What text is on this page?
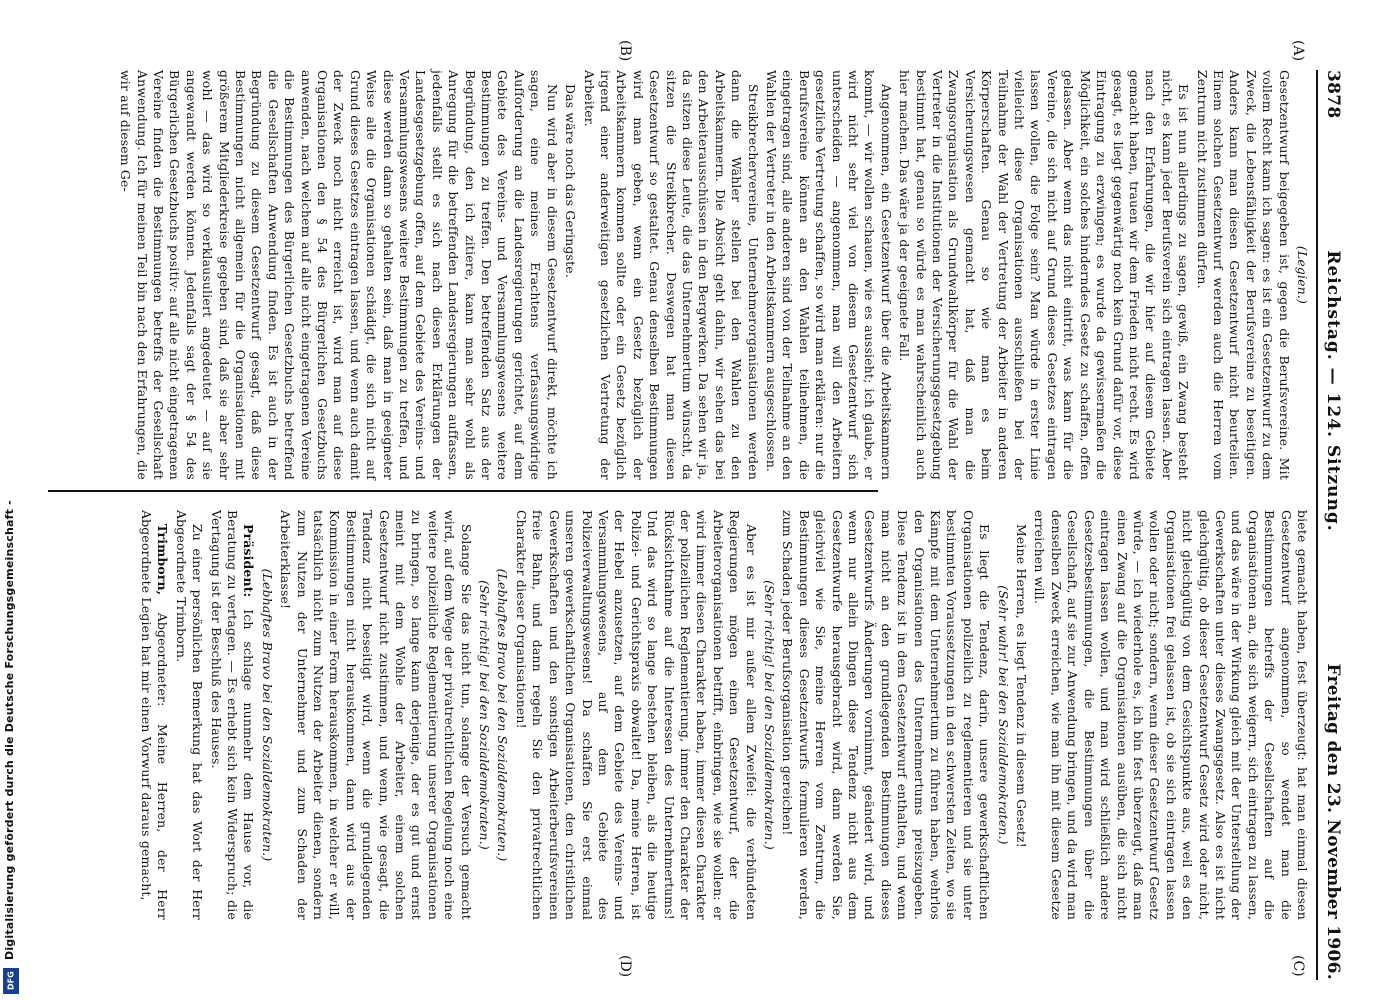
Digitalisierung gefördert durch die Deutsche Forschungsgemeinschaft -
DFG
3878
Reichstag. — 124. Sitzung.
Freitag den 23. November 1906.
(A)
(B)
(C)
(D)

(Legien.)

Gesetzentwurf beigegeben ist, gegen die Berufsvereine. Mit vollem Recht kann ich sagen: es ist ein Gesetzentwurf zu dem Zweck, die Lebensfähigkeit der Berufsvereine zu beseitigen. Anders kann man diesen Gesetzentwurf nicht beurteilen. Einem solchen Gesetzentwurf werden auch die Herren vom Zentrum nicht zustimmen dürfen.

Es ist nun allerdings zu sagen, gewiß, ein Zwang besteht nicht, es kann jeder Berufsverein sich eintragen lassen. Aber nach den Erfahrungen, die wir hier auf diesem Gebiete gemacht haben, trauen wir dem Frieden nicht recht. Es wird gesagt, es liegt gegenwärtig noch kein Grund dafür vor, diese Eintragung zu erzwingen; es wurde da gewissermaßen die Möglichkeit, ein solches hinderndes Gesetz zu schaffen, offen gelassen. Aber wenn das nicht eintritt, was kann für die Vereine, die sich nicht auf Grund dieses Gesetzes eintragen lassen wollen, die Folge sein? Man würde in erster Linie vielleicht diese Organisationen ausschließen bei der Teilnahme der Wahl der Vertretung der Arbeiter in anderen Körperschaften. Genau so wie man es beim Versicherungswesen gemacht hat, daß man die Zwangsorganisation als Grundwahlkörper für die Wahl der Vertreter in die Institutionen der Versicherungsgesetzgebung bestimmt hat, genau so würde es man wahrscheinlich auch hier machen. Das wäre ja der geeignete Fall.

Angenommen, ein Gesetzentwurf über die Arbeitskammern kommt, — wir wollen schauen, wie es aussieht; ich glaube, er wird nicht sehr viel von diesem Gesetzentwurf sich unterscheiden — angenommen, man will den Arbeitern gesetzliche Vertretung schaffen, so wird man erklären: nur die Berufsvereine können an den Wahlen teilnehmen, die eingetragen sind, alle anderen sind von der Teilnahme an den Wahlen der Vertreter in den Arbeitskammern ausgeschlossen.

Streikbrechervereine, Unternehmerorganisationen werden dann die Wähler stellen bei den Wahlen zu den Arbeitskammern. Die Absicht geht dahin, wir sehen das bei den Arbeiterausschüssen in den Bergwerken. Da sehen wir ja, da sitzen diese Leute, die das Unternehmertum wünscht, da sitzen die Streikbrecher. Deswegen hat man diesen Gesetzentwurf so gestaltet. Genau denselben Bestimmungen wird man geben, wenn ein Gesetz bezüglich der Arbeitskammern kommen sollte oder ein Gesetz bezüglich irgend einer anderweitigen gesetzlichen Vertretung der Arbeiter.

Das wäre noch das Geringste.

Nun wird aber in diesem Gesetzentwurf direkt, möchte ich sagen, eine meines Erachtens verfassungswidrige Aufforderung an die Landesregierungen gerichtet, auf dem Gebiete des Vereins- und Versammlungswesens weitere Bestimmungen zu treffen. Den betreffenden Satz aus der Begründung, den ich zitiere, kann man sehr wohl als Anregung für die betreffenden Landesregierungen auffassen, jedenfalls stellt es sich nach diesen Erklärungen der Landesgesetzgebung offen, auf dem Gebiete des Vereins- und Versammlungswesens weitere Bestimmungen zu treffen, und diese werden dann so gehalten sein, daß man in geeigneter Weise alle die Organisationen schädigt, die sich nicht auf Grund dieses Gesetzes eintragen lassen, und wenn auch damit der Zweck noch nicht erreicht ist, wird man auf diese Organisationen den § 54 des Bürgerlichen Gesetzbuchs anwenden, nach welchem auf alle nicht eingetragenen Vereine die Bestimmungen des Bürgerlichen Gesetzbuchs betreffend die Gesellschaften Anwendung finden. Es ist auch in der Begründung zu diesem Gesetzentwurf gesagt, daß diese Bestimmungen nicht allgemein für die Organisationen mit größerem Mitgliederkreise gegeben sind, daß sie aber sehr wohl — das wird so verklausuliert angedeutet — auf sie angewandt werden können. Jedenfalls sagt der § 54 des Bürgerlichen Gesetzbuchs positiv: auf alle nicht eingetragenen Vereine finden die Bestimmungen betreffs der Gesellschaft Anwendung. Ich für meinen Teil bin nach den Erfahrungen, die wir auf diesem Ge-

biete gemacht haben, fest überzeugt: hat man einmal diesen Gesetzentwurf angenommen, so wendet man die Bestimmungen betreffs der Gesellschaften auf die Organisationen an, die sich weigern, sich eintragen zu lassen, und das wäre in der Wirkung gleich mit der Unterstellung der Gewerkschaften unter dieses Zwangsgesetz. Also es ist nicht gleichgültig, ob dieser Gesetzentwurf Gesetz wird oder nicht, nicht gleichgültig von dem Gesichtspunkte aus, weil es den Organisationen frei gelassen ist, ob sie sich eintragen lassen wollen oder nicht; sondern, wenn dieser Gesetzentwurf Gesetz würde, — ich wiederhole es, ich bin fest überzeugt, daß man einen Zwang auf die Organisationen ausüben, die sich nicht eintragen lassen wollen, und man wird schließlich andere Gesetzesbestimmungen, die Bestimmungen über die Gesellschaft, auf sie zur Anwendung bringen, und da wird man denselben Zweck erreichen, wie man ihn mit diesem Gesetze erreichen will.

Meine Herren, es liegt Tendenz in diesem Gesetz!

(Sehr wahr! bei den Sozialdemokraten.)

Es liegt die Tendenz, darin, unsere gewerkschaftlichen Organisationen polizeilich zu reglementieren und sie unter bestimmten Voraussetzungen in den schwersten Zeiten, wo sie Kämpfe mit dem Unternehmertum zu führen haben, wehrlos den Organisationen des Unternehmertums preiszugeben. Diese Tendenz ist in dem Gesetzentwurf enthalten, und wenn man nicht an den grundlegenden Bestimmungen dieses Gesetzentwurfs Änderungen vornimmt, geändert wird, und wenn nur allein Dingen diese Tendenz nicht aus dem Gesetzentwurfe herausgebracht wird, dann werden Sie, gleichviel wie Sie, meine Herren vom Zentrum, die Bestimmungen dieses Gesetzentwurfs formulieren werden, zum Schaden jeder Berufsorganisation gereichen!

(Sehr richtig! bei den Sozialdemokraten.)

Aber es ist mir außer allem Zweifel: die verbündeten Regierungen mögen einen Gesetzentwurf, der die Arbeiterorganisationen betrifft, einbringen, wie sie wollen: er wird immer diesen Charakter haben, immer diesen Charakter der polizeilichen Reglementierung, immer den Charakter der Rücksichtnahme auf die Interessen des Unternehmertums! Und das wird so lange bestehen bleiben, als die heutige Polizei- und Gerichtspraxis obwaltet! Da, meine Herren, ist der Hebel anzusetzen, auf dem Gebiete des Vereins- und Versammlungswesens, auf dem Gebiete des Polizeiverwaltungswesens! Da schaffen Sie erst einmal unseren gewerkschaftlichen Organisationen, den christlichen Gewerkschaften und den sonstigen Arbeiterberufsvereinen freie Bahn, und dann regeln Sie den privatrechtlichen Charakter dieser Organisationen!

(Lebhaftes Bravo bei den Sozialdemokraten.)

(Sehr richtig! bei den Sozialdemokraten.)

Solange Sie das nicht tun, solange der Versuch gemacht wird, auf dem Wege der privatrechtlichen Regelung noch eine weitere polizeiliche Reglementierung unserer Organisationen zu bringen, so lange kann derjenige, der es gut und ernst meint mit dem Wohle der Arbeiter, einem solchen Gesetzentwurf nicht zustimmen, und wenn, wie gesagt, die Tendenz nicht beseitigt wird, wenn die grundlegenden Bestimmungen nicht herauskommen, dann wird aus der Kommission in einer Form herauskommen, in welcher er will, tatsächlich nicht zum Nutzen der Arbeiter dienen, sondern zum Nutzen der Unternehmer und zum Schaden der Arbeiterklasse!

(Lebhaftes Bravo bei den Sozialdemokraten.)

Präsident: Ich schlage nunmehr dem Hause vor, die Beratung zu vertagen. — Es erhebt sich kein Widerspruch; die Vertagung ist der Beschluß des Hauses.

Zu einer persönlichen Bemerkung hat das Wort der Herr Abgeordnete Trimborn.

Trimborn, Abgeordneter: Meine Herren, der Herr Abgeordnete Legien hat mir einen Vorwurf daraus gemacht,
